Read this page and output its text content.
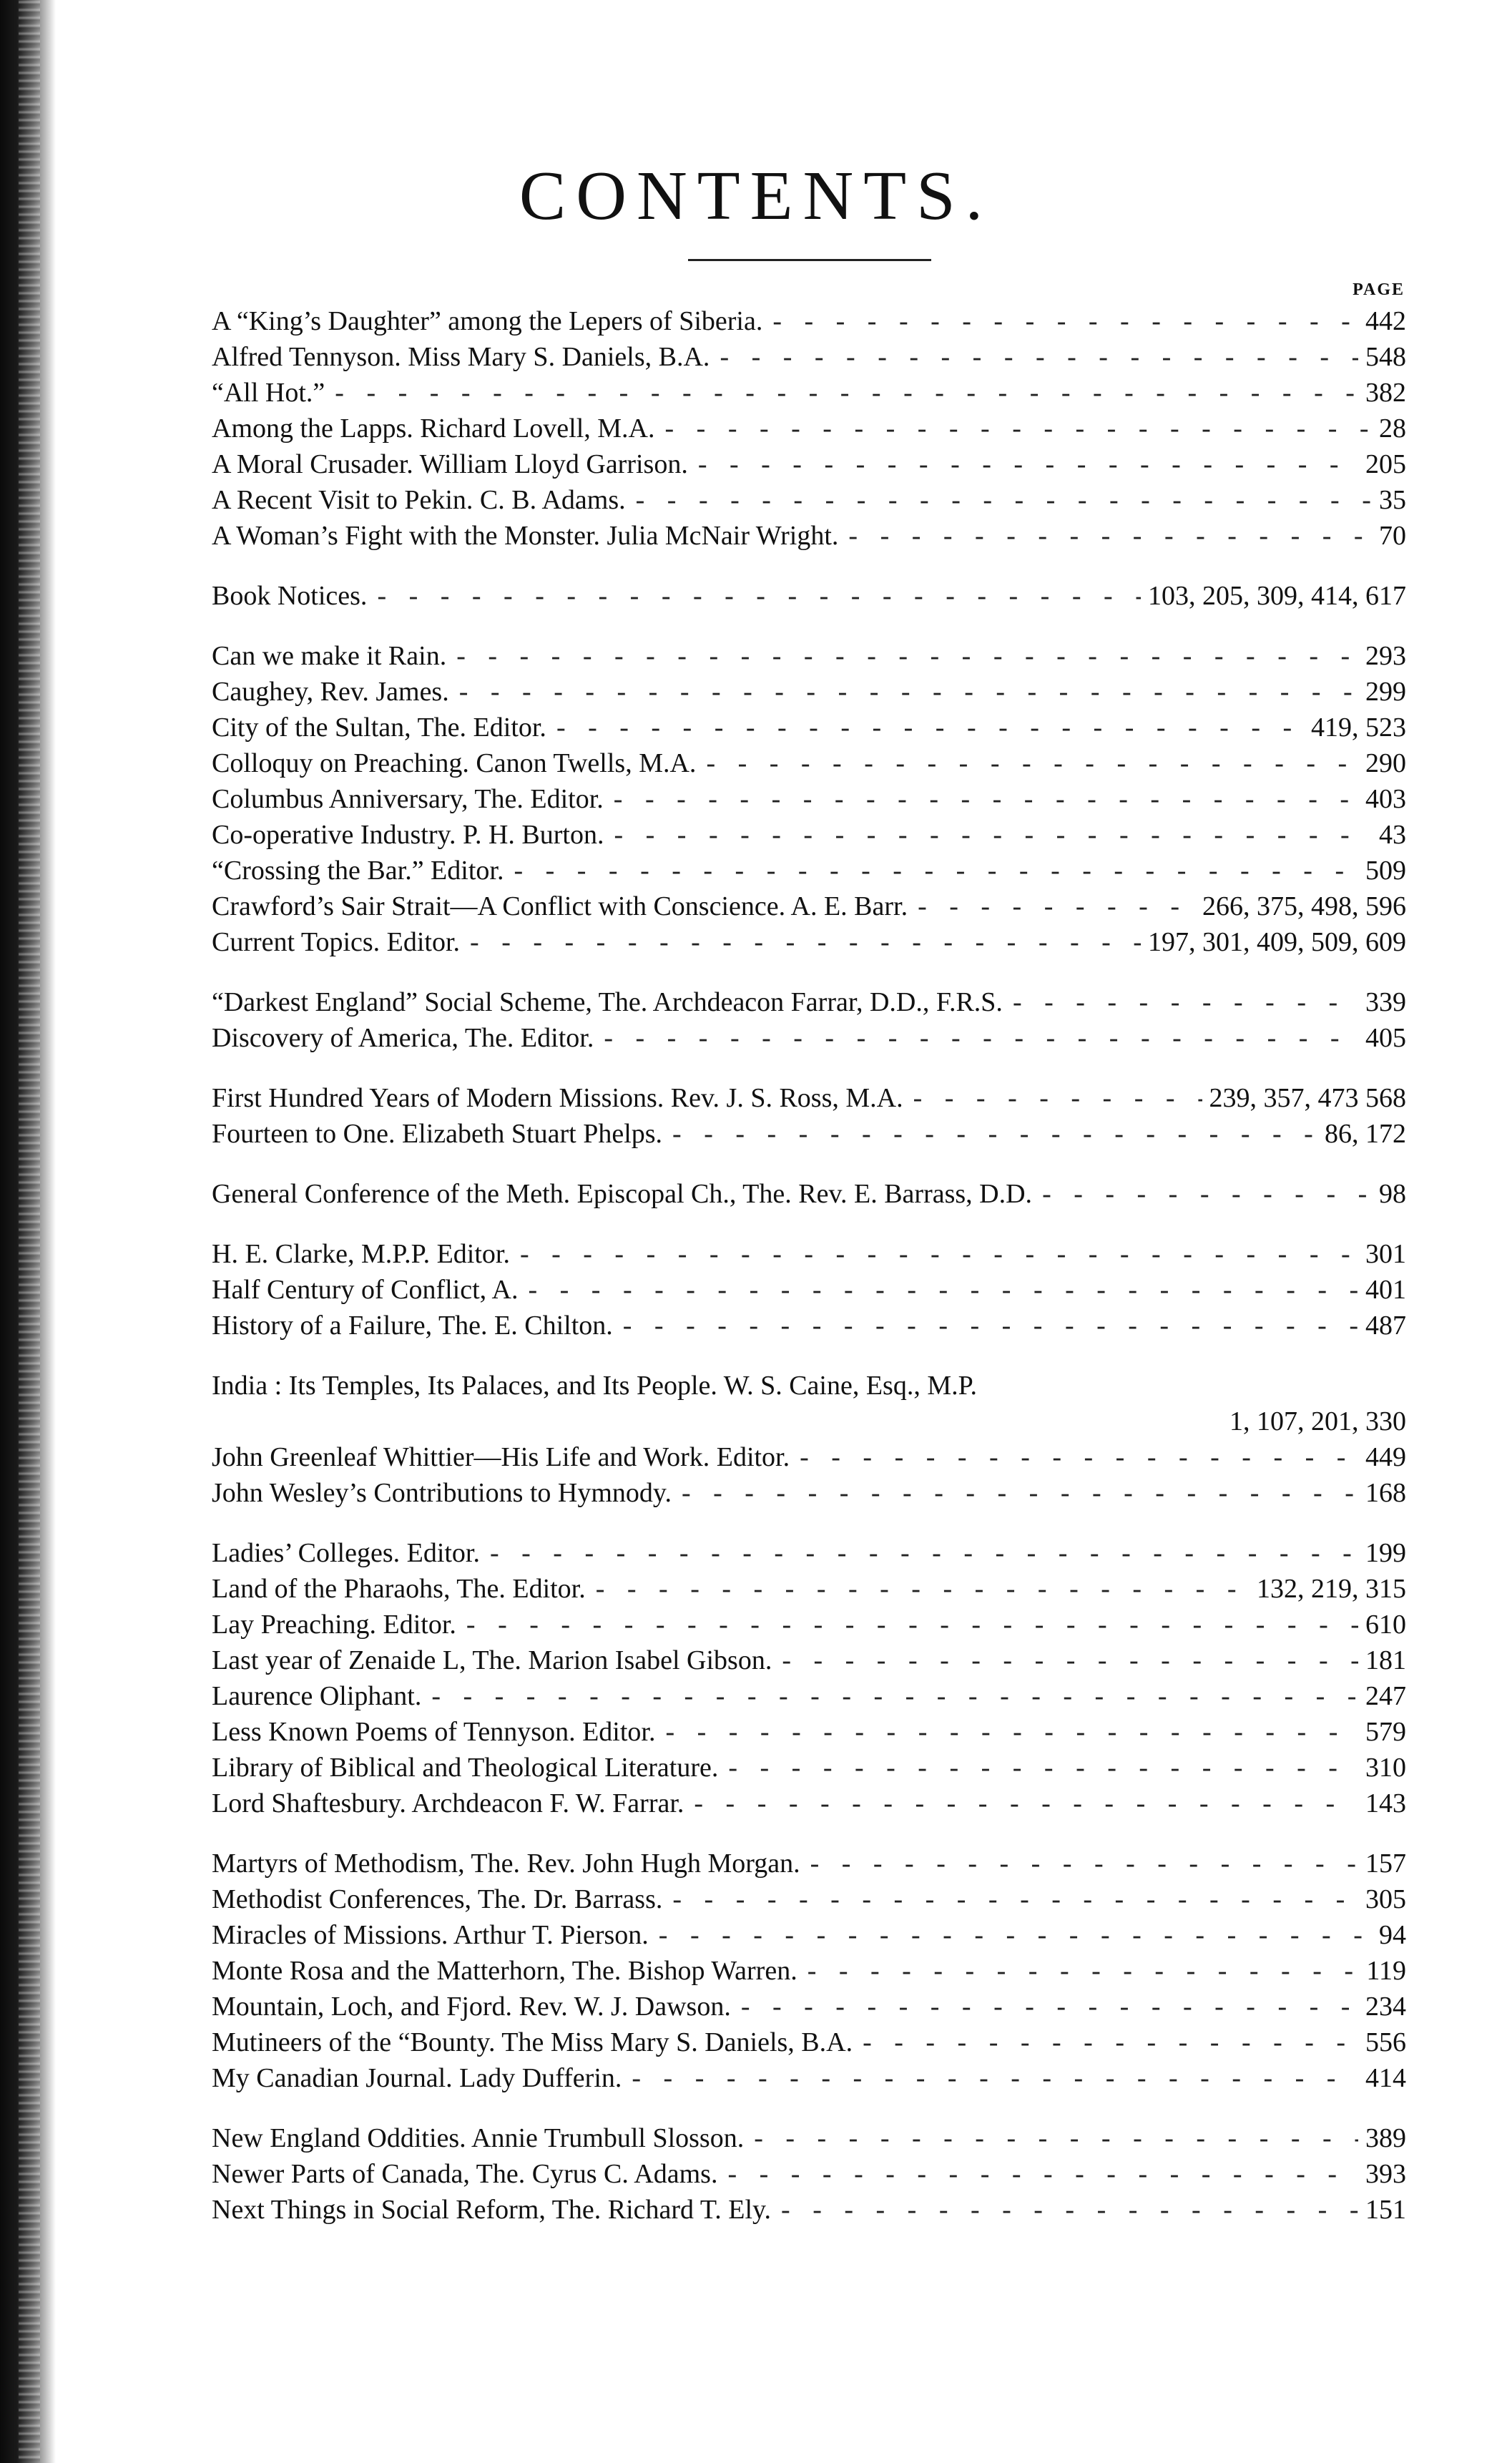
CONTENTS.
PAGE
A “King’s Daughter” among the Lepers of Siberia. - - -	442
Alfred Tennyson. Miss Mary S. Daniels, B.A. - - -	548
“All Hot.” - - -	382
Among the Lapps. Richard Lovell, M.A. - - -	28
A Moral Crusader. William Lloyd Garrison. - - -	205
A Recent Visit to Pekin. C. B. Adams. - - -	35
A Woman’s Fight with the Monster. Julia McNair Wright. - - -	70
Book Notices. - - -	103, 205, 309, 414, 617
Can we make it Rain. - - -	293
Caughey, Rev. James. - - -	299
City of the Sultan, The. Editor. - - -	419, 523
Colloquy on Preaching. Canon Twells, M.A. - - -	290
Columbus Anniversary, The. Editor. - - -	403
Co-operative Industry. P. H. Burton. - - -	43
“Crossing the Bar.” Editor. - - -	509
Crawford’s Sair Strait—A Conflict with Conscience. A. E. Barr. - - -	266, 375, 498, 596
Current Topics. Editor. - - -	197, 301, 409, 509, 609
“Darkest England” Social Scheme, The. Archdeacon Farrar, D.D., F.R.S. - - -	339
Discovery of America, The. Editor. - - -	405
First Hundred Years of Modern Missions. Rev. J. S. Ross, M.A. - - -	239, 357, 473 568
Fourteen to One. Elizabeth Stuart Phelps. - - -	86, 172
General Conference of the Meth. Episcopal Ch., The. Rev. E. Barrass, D.D. - - -	98
H. E. Clarke, M.P.P. Editor. - - -	301
Half Century of Conflict, A. - - -	401
History of a Failure, The. E. Chilton. - - -	487
India : Its Temples, Its Palaces, and Its People. W. S. Caine, Esq., M.P.
1, 107, 201, 330
John Greenleaf Whittier—His Life and Work. Editor. - - -	449
John Wesley’s Contributions to Hymnody. - - -	168
Ladies’ Colleges. Editor. - - -	199
Land of the Pharaohs, The. Editor. - - -	132, 219, 315
Lay Preaching. Editor. - - -	610
Last year of Zenaide L, The. Marion Isabel Gibson. - - -	181
Laurence Oliphant. - - -	247
Less Known Poems of Tennyson. Editor. - - -	579
Library of Biblical and Theological Literature. - - -	310
Lord Shaftesbury. Archdeacon F. W. Farrar. - - -	143
Martyrs of Methodism, The. Rev. John Hugh Morgan. - - -	157
Methodist Conferences, The. Dr. Barrass. - - -	305
Miracles of Missions. Arthur T. Pierson. - - -	94
Monte Rosa and the Matterhorn, The. Bishop Warren. - - -	119
Mountain, Loch, and Fjord. Rev. W. J. Dawson. - - -	234
Mutineers of the “Bounty. The Miss Mary S. Daniels, B.A. - - -	556
My Canadian Journal. Lady Dufferin. - - -	414
New England Oddities. Annie Trumbull Slosson. - - -	389
Newer Parts of Canada, The. Cyrus C. Adams. - - -	393
Next Things in Social Reform, The. Richard T. Ely. - - -	151
